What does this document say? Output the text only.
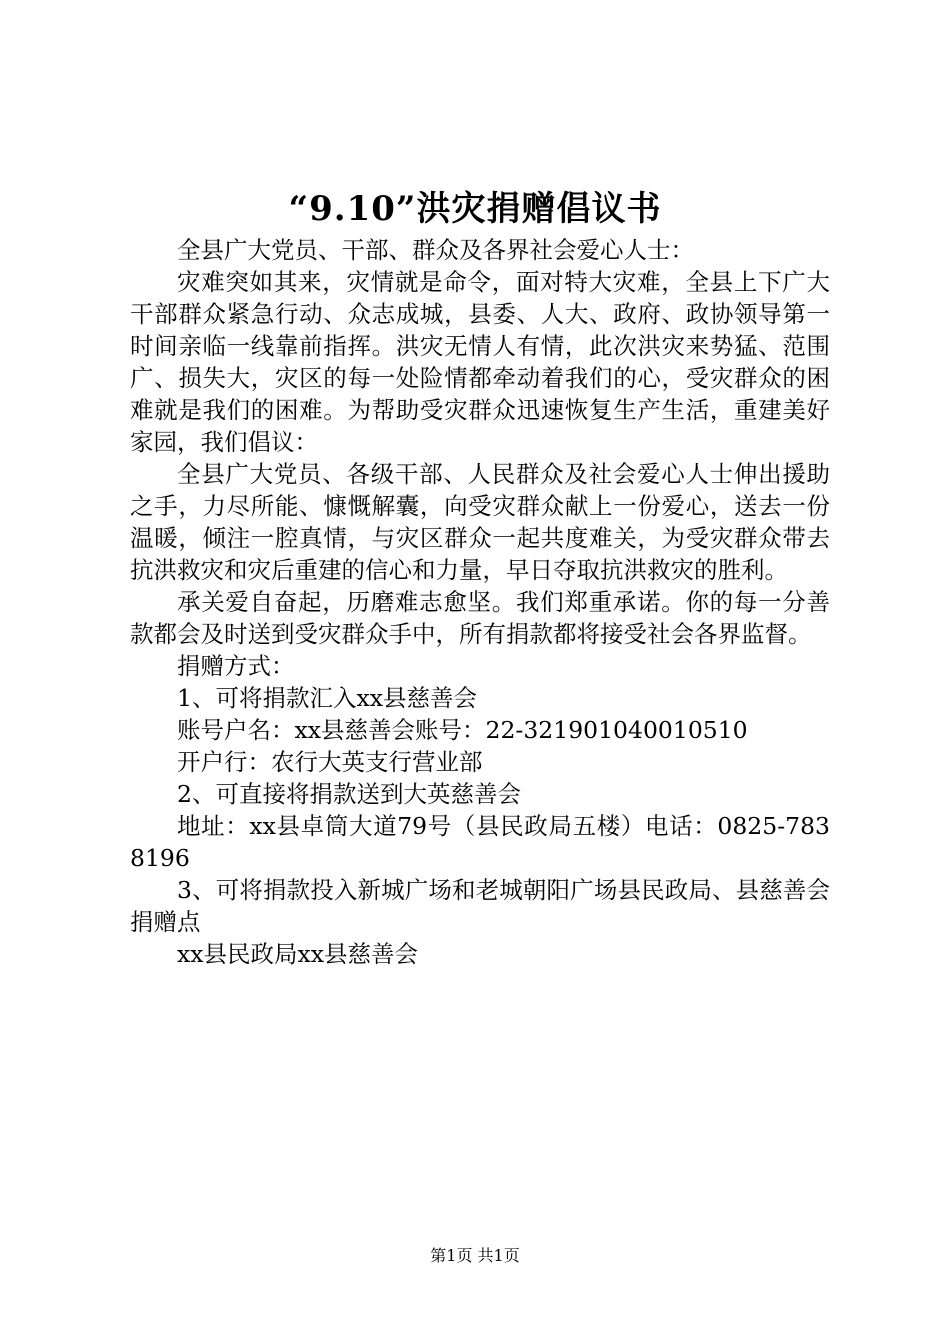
“9.10”洪灾捐赠倡议书

全县广大党员、干部、群众及各界社会爱心人士：

灾难突如其来，灾情就是命令，面对特大灾难，全县上下广大干部群众紧急行动、众志成城，县委、人大、政府、政协领导第一时间亲临一线靠前指挥。洪灾无情人有情，此次洪灾来势猛、范围广、损失大，灾区的每一处险情都牵动着我们的心，受灾群众的困难就是我们的困难。为帮助受灾群众迅速恢复生产生活，重建美好家园，我们倡议：

全县广大党员、各级干部、人民群众及社会爱心人士伸出援助之手，力尽所能、慷慨解囊，向受灾群众献上一份爱心，送去一份温暖，倾注一腔真情，与灾区群众一起共度难关，为受灾群众带去抗洪救灾和灾后重建的信心和力量，早日夺取抗洪救灾的胜利。

承关爱自奋起，历磨难志愈坚。我们郑重承诺。你的每一分善款都会及时送到受灾群众手中，所有捐款都将接受社会各界监督。

捐赠方式：

1、可将捐款汇入xx县慈善会

账号户名：xx县慈善会账号：22-321901040010510

开户行：农行大英支行营业部

2、可直接将捐款送到大英慈善会

地址：xx县卓筒大道79号（县民政局五楼）电话：0825-7838196

3、可将捐款投入新城广场和老城朝阳广场县民政局、县慈善会捐赠点

xx县民政局xx县慈善会

第1页 共1页
